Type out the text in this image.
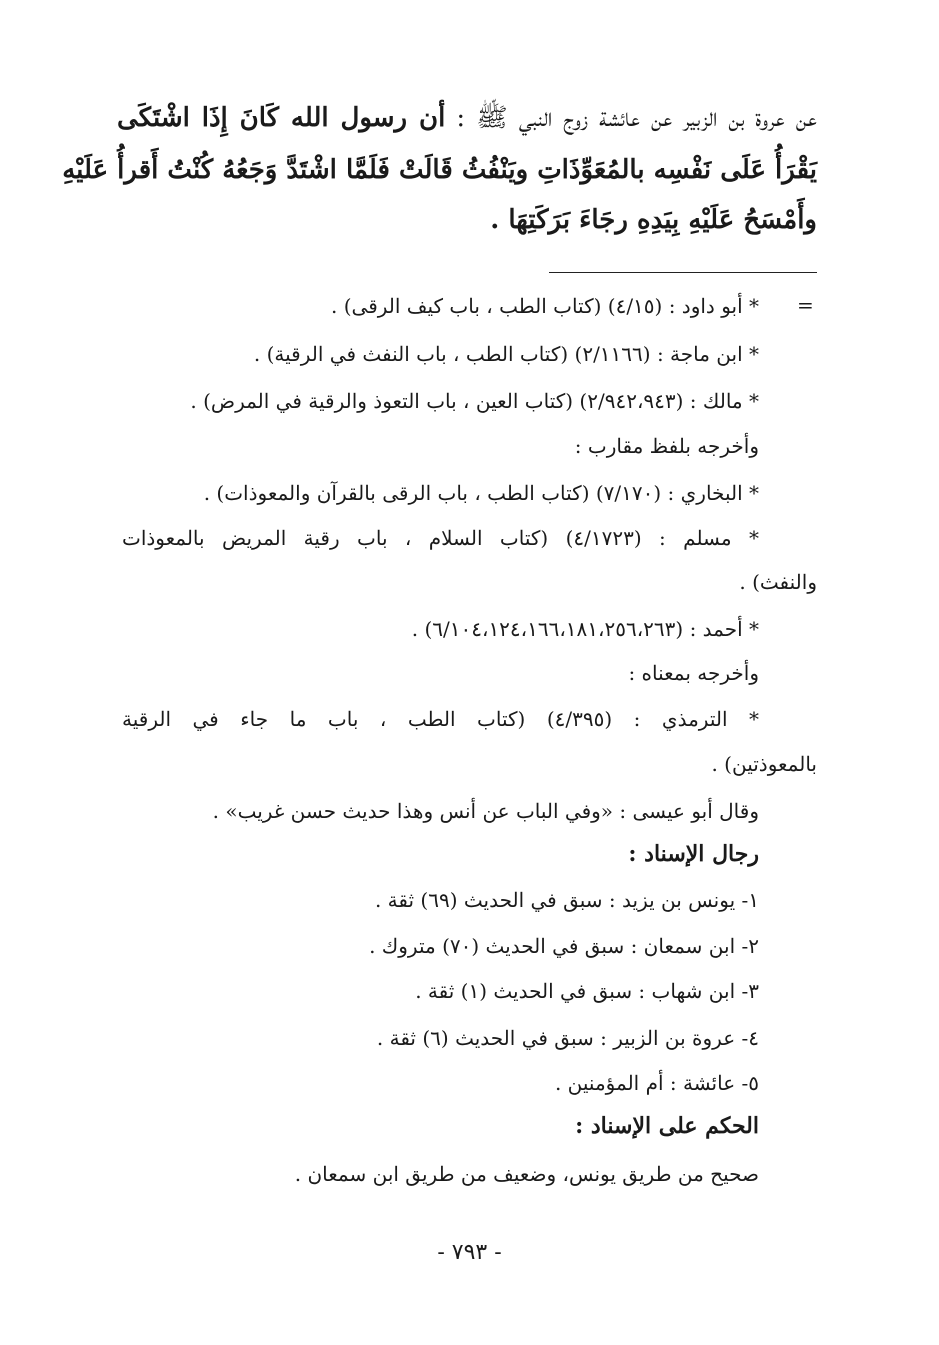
عن عروة بن الزبير عن عائشة زوج النبي ﷺ : أن رسول الله كَانَ إِذَا اشْتَكَى
يَقْرَأُ عَلَى نَفْسِه بالمُعَوِّذَاتِ ويَنْفُثُ قَالَتْ فَلَمَّا اشْتَدَّ وَجَعُهُ كُنْتُ أَقرأُ عَلَيْهِ
وأَمْسَحُ عَلَيْهِ بِيَدِهِ رجَاءَ بَرَكَتِهَا .
=
* أبو داود : (٤/١٥) (كتاب الطب ، باب كيف الرقى) .
* ابن ماجة : (٢/١١٦٦) (كتاب الطب ، باب النفث في الرقية) .
* مالك : (٢/٩٤٢،٩٤٣) (كتاب العين ، باب التعوذ والرقية في المرض) .
وأخرجه بلفظ مقارب :
* البخاري : (٧/١٧٠) (كتاب الطب ، باب الرقى بالقرآن والمعوذات) .
* مسلم : (٤/١٧٢٣) (كتاب السلام ، باب رقية المريض بالمعوذات
والنفث) .
* أحمد : (٦/١٠٤،١٢٤،١٦٦،١٨١،٢٥٦،٢٦٣) .
وأخرجه بمعناه :
* الترمذي : (٤/٣٩٥) (كتاب الطب ، باب ما جاء في الرقية
بالمعوذتين) .
وقال أبو عيسى : «وفي الباب عن أنس وهذا حديث حسن غريب» .
رجال الإسناد :
١- يونس بن يزيد : سبق في الحديث (٦٩) ثقة .
٢- ابن سمعان : سبق في الحديث (٧٠) متروك .
٣- ابن شهاب : سبق في الحديث (١) ثقة .
٤- عروة بن الزبير : سبق في الحديث (٦) ثقة .
٥- عائشة : أم المؤمنين .
الحكم على الإسناد :
صحيح من طريق يونس، وضعيف من طريق ابن سمعان .
- ٧٩٣ -
